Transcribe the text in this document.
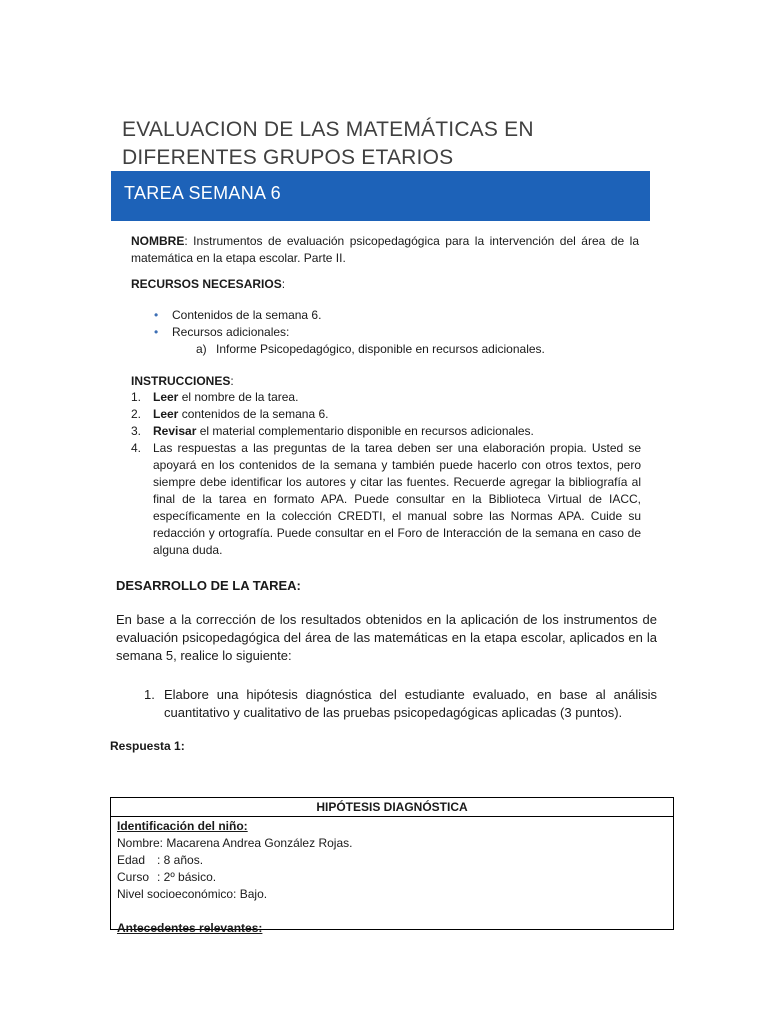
EVALUACION DE LAS MATEMÁTICAS EN
DIFERENTES GRUPOS ETARIOS
TAREA SEMANA 6
NOMBRE: Instrumentos de evaluación psicopedagógica para la intervención del área de la matemática en la etapa escolar. Parte II.
RECURSOS NECESARIOS:
• Contenidos de la semana 6.
• Recursos adicionales:
a) Informe Psicopedagógico, disponible en recursos adicionales.
INSTRUCCIONES:
1. Leer el nombre de la tarea.
2. Leer contenidos de la semana 6.
3. Revisar el material complementario disponible en recursos adicionales.
4. Las respuestas a las preguntas de la tarea deben ser una elaboración propia. Usted se apoyará en los contenidos de la semana y también puede hacerlo con otros textos, pero siempre debe identificar los autores y citar las fuentes. Recuerde agregar la bibliografía al final de la tarea en formato APA. Puede consultar en la Biblioteca Virtual de IACC, específicamente en la colección CREDTI, el manual sobre las Normas APA. Cuide su redacción y ortografía. Puede consultar en el Foro de Interacción de la semana en caso de alguna duda.
DESARROLLO DE LA TAREA:
En base a la corrección de los resultados obtenidos en la aplicación de los instrumentos de evaluación psicopedagógica del área de las matemáticas en la etapa escolar, aplicados en la semana 5, realice lo siguiente:
1. Elabore una hipótesis diagnóstica del estudiante evaluado, en base al análisis cuantitativo y cualitativo de las pruebas psicopedagógicas aplicadas (3 puntos).
Respuesta 1:
HIPÓTESIS DIAGNÓSTICA
Identificación del niño:
Nombre: Macarena Andrea González Rojas.
Edad : 8 años.
Curso : 2º básico.
Nivel socioeconómico: Bajo.
Antecedentes relevantes:
